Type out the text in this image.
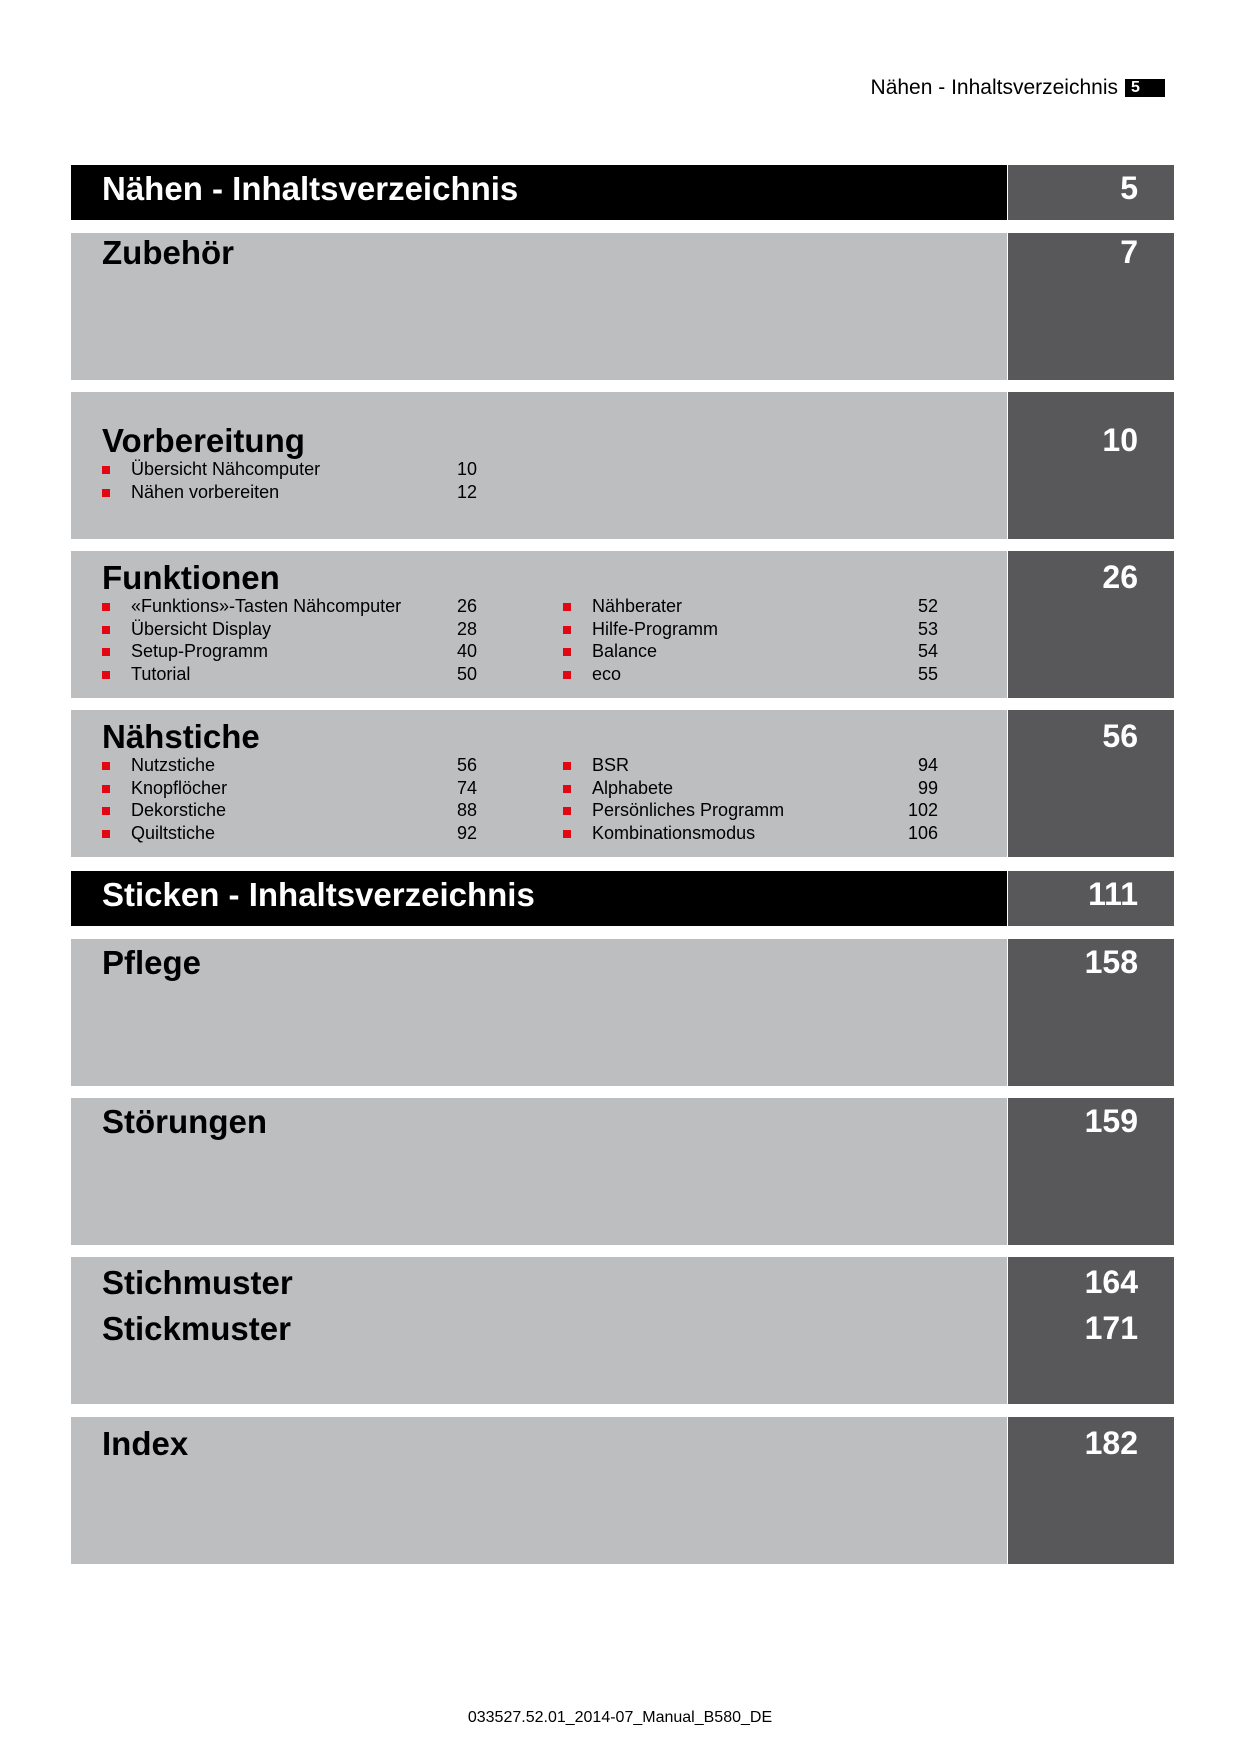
Nähen - Inhaltsverzeichnis 5
Nähen - Inhaltsverzeichnis	5
Zubehör	7
Vorbereitung	10
Übersicht Nähcomputer	10
Nähen vorbereiten	12
Funktionen	26
«Funktions»-Tasten Nähcomputer	26
Übersicht Display	28
Setup-Programm	40
Tutorial	50
Nähberater	52
Hilfe-Programm	53
Balance	54
eco	55
Nähstiche	56
Nutzstiche	56
Knopflöcher	74
Dekorstiche	88
Quiltstiche	92
BSR	94
Alphabete	99
Persönliches Programm	102
Kombinationsmodus	106
Sticken - Inhaltsverzeichnis	111
Pflege	158
Störungen	159
Stichmuster	164
Stickmuster	171
Index	182
033527.52.01_2014-07_Manual_B580_DE
